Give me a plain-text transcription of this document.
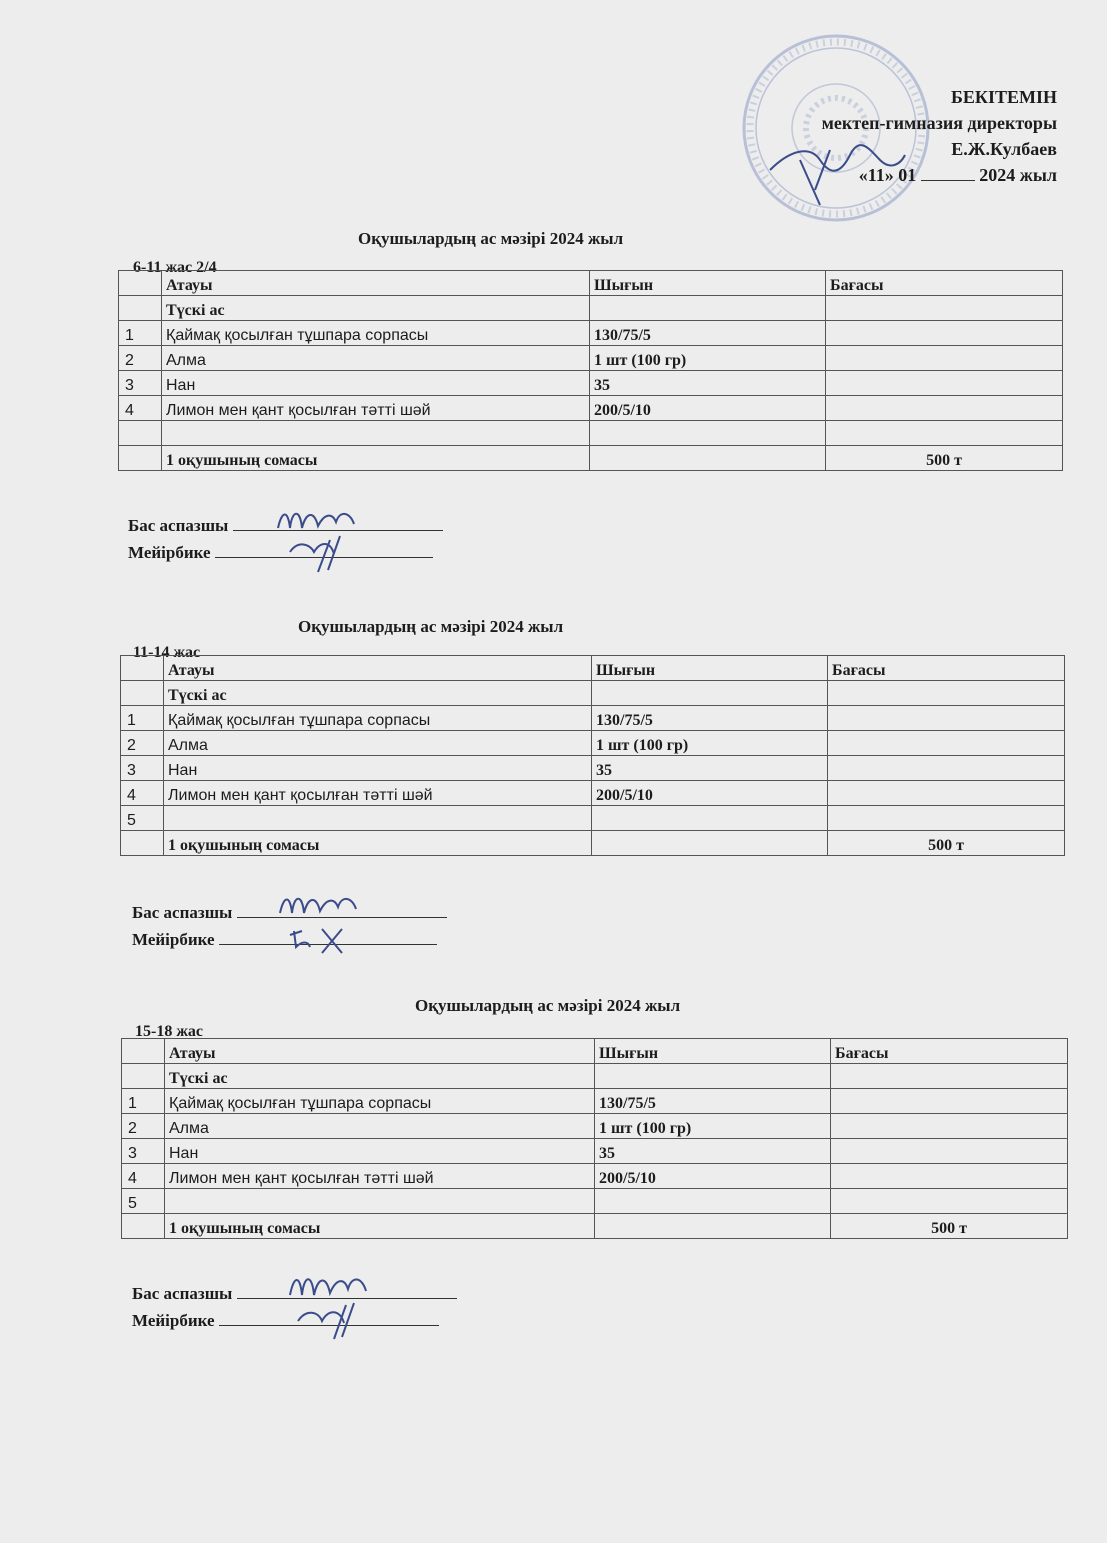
БЕКІТЕМІН
мектеп-гимназия директоры
Е.Ж.Кулбаев
«11» 01	2024 жыл
Оқушылардың ас мәзірі 2024 жыл
6-11 жас 2/4
	Атауы	Шығын	Бағасы
	Түскі ас		
1	Қаймақ қосылған тұшпара сорпасы	130/75/5	
2	Алма	1 шт (100 гр)	
3	Нан	35	
4	Лимон мен қант қосылған тәтті шәй	200/5/10	

	1 оқушының сомасы		500 т
Бас аспазшы
Мейірбике
Оқушылардың ас мәзірі 2024 жыл
11-14 жас
	Атауы	Шығын	Бағасы
	Түскі ас		
1	Қаймақ қосылған тұшпара сорпасы	130/75/5	
2	Алма	1 шт (100 гр)	
3	Нан	35	
4	Лимон мен қант қосылған тәтті шәй	200/5/10	
5			
	1 оқушының сомасы		500 т
Бас аспазшы
Мейірбике
Оқушылардың ас мәзірі 2024 жыл
15-18 жас
	Атауы	Шығын	Бағасы
	Түскі ас		
1	Қаймақ қосылған тұшпара сорпасы	130/75/5	
2	Алма	1 шт (100 гр)	
3	Нан	35	
4	Лимон мен қант қосылған тәтті шәй	200/5/10	
5			
	1 оқушының сомасы		500 т
Бас аспазшы
Мейірбике
